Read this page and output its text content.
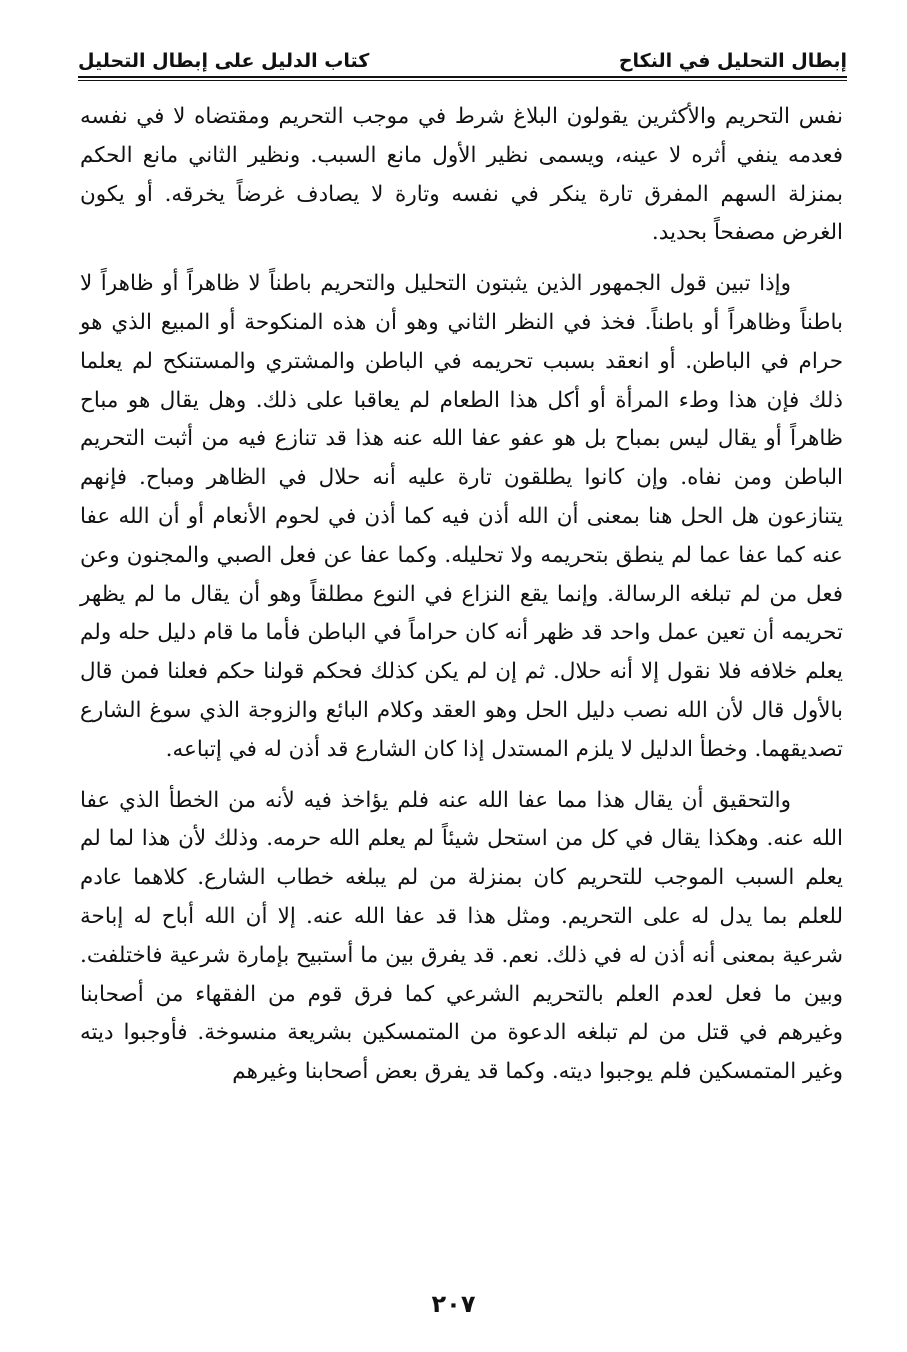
إبطال التحليل في النكاح
كتاب الدليل على إبطال التحليل

نفس التحريم والأكثرين يقولون البلاغ شرط في موجب التحريم ومقتضاه لا في نفسه فعدمه ينفي أثره لا عينه، ويسمى نظير الأول مانع السبب. ونظير الثاني مانع الحكم بمنزلة السهم المفرق تارة ينكر في نفسه وتارة لا يصادف غرضاً يخرقه. أو يكون الغرض مصفحاً بحديد.

وإذا تبين قول الجمهور الذين يثبتون التحليل والتحريم باطناً لا ظاهراً أو ظاهراً لا باطناً وظاهراً أو باطناً. فخذ في النظر الثاني وهو أن هذه المنكوحة أو المبيع الذي هو حرام في الباطن. أو انعقد بسبب تحريمه في الباطن والمشتري والمستنكح لم يعلما ذلك فإن هذا وطء المرأة أو أكل هذا الطعام لم يعاقبا على ذلك. وهل يقال هو مباح ظاهراً أو يقال ليس بمباح بل هو عفو عفا الله عنه هذا قد تنازع فيه من أثبت التحريم الباطن ومن نفاه. وإن كانوا يطلقون تارة عليه أنه حلال في الظاهر ومباح. فإنهم يتنازعون هل الحل هنا بمعنى أن الله أذن فيه كما أذن في لحوم الأنعام أو أن الله عفا عنه كما عفا عما لم ينطق بتحريمه ولا تحليله. وكما عفا عن فعل الصبي والمجنون وعن فعل من لم تبلغه الرسالة. وإنما يقع النزاع في النوع مطلقاً وهو أن يقال ما لم يظهر تحريمه أن تعين عمل واحد قد ظهر أنه كان حراماً في الباطن فأما ما قام دليل حله ولم يعلم خلافه فلا نقول إلا أنه حلال. ثم إن لم يكن كذلك فحكم قولنا حكم فعلنا فمن قال بالأول قال لأن الله نصب دليل الحل وهو العقد وكلام البائع والزوجة الذي سوغ الشارع تصديقهما. وخطأ الدليل لا يلزم المستدل إذا كان الشارع قد أذن له في إتباعه.

والتحقيق أن يقال هذا مما عفا الله عنه فلم يؤاخذ فيه لأنه من الخطأ الذي عفا الله عنه. وهكذا يقال في كل من استحل شيئاً لم يعلم الله حرمه. وذلك لأن هذا لما لم يعلم السبب الموجب للتحريم كان بمنزلة من لم يبلغه خطاب الشارع. كلاهما عادم للعلم بما يدل له على التحريم. ومثل هذا قد عفا الله عنه. إلا أن الله أباح له إباحة شرعية بمعنى أنه أذن له في ذلك. نعم. قد يفرق بين ما أستبيح بإمارة شرعية فاختلفت. وبين ما فعل لعدم العلم بالتحريم الشرعي كما فرق قوم من الفقهاء من أصحابنا وغيرهم في قتل من لم تبلغه الدعوة من المتمسكين بشريعة منسوخة. فأوجبوا ديته وغير المتمسكين فلم يوجبوا ديته. وكما قد يفرق بعض أصحابنا وغيرهم

٢٠٧
